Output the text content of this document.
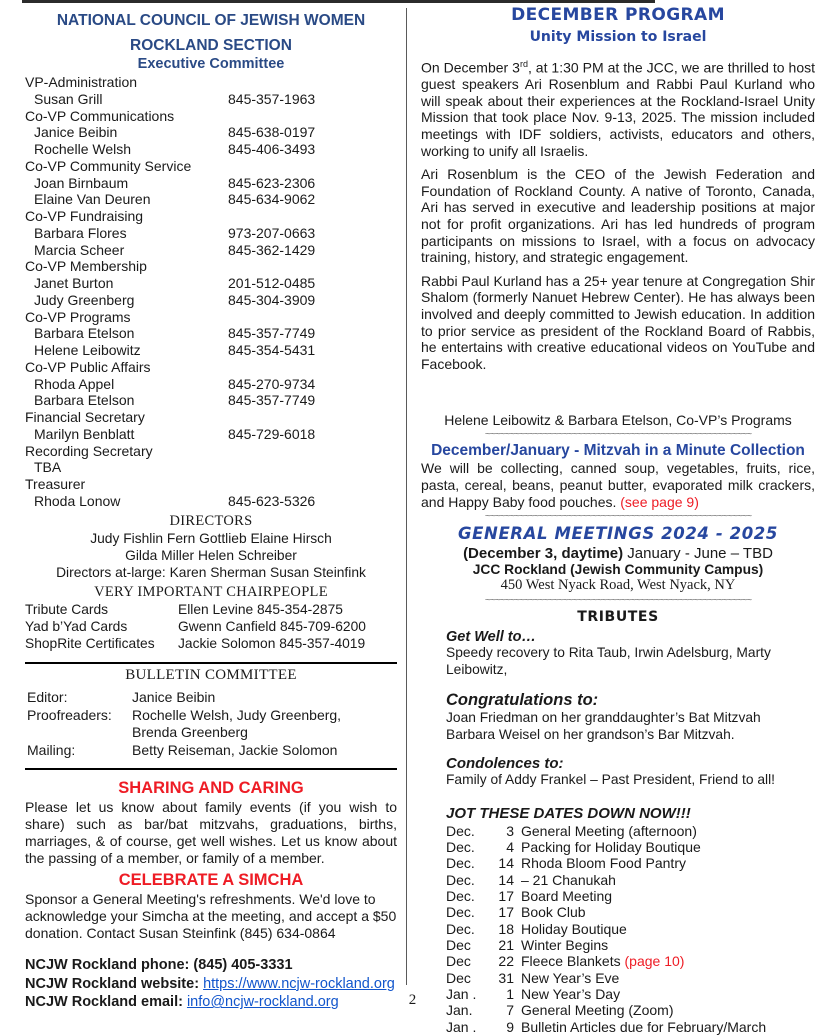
NATIONAL COUNCIL OF JEWISH WOMEN
ROCKLAND SECTION
Executive Committee
VP-Administration
Susan Grill	845-357-1963
Co-VP Communications
Janice Beibin	845-638-0197
Rochelle Welsh	845-406-3493
Co-VP Community Service
Joan Birnbaum	845-623-2306
Elaine Van Deuren	845-634-9062
Co-VP Fundraising
Barbara Flores	973-207-0663
Marcia Scheer	845-362-1429
Co-VP Membership
Janet Burton	201-512-0485
Judy Greenberg	845-304-3909
Co-VP Programs
Barbara Etelson	845-357-7749
Helene Leibowitz	845-354-5431
Co-VP Public Affairs
Rhoda Appel	845-270-9734
Barbara Etelson	845-357-7749
Financial Secretary
Marilyn Benblatt	845-729-6018
Recording Secretary
TBA
Treasurer
Rhoda Lonow	845-623-5326
DIRECTORS
Judy Fishlin Fern Gottlieb Elaine Hirsch
Gilda Miller Helen Schreiber
Directors at-large: Karen Sherman Susan Steinfink
VERY IMPORTANT CHAIRPEOPLE
Tribute Cards	Ellen Levine 845-354-2875
Yad b’Yad Cards	Gwenn Canfield 845-709-6200
ShopRite Certificates	Jackie Solomon 845-357-4019
BULLETIN COMMITTEE
Editor:	Janice Beibin
Proofreaders:	Rochelle Welsh, Judy Greenberg,
Brenda Greenberg
Mailing:	Betty Reiseman, Jackie Solomon
SHARING AND CARING

Please let us know about family events (if you wish to share) such as bar/bat mitzvahs, graduations, births, marriages, & of course, get well wishes. Let us know about the passing of a member, or family of a member.

CELEBRATE A SIMCHA

Sponsor a General Meeting's refreshments. We'd love to acknowledge your Simcha at the meeting, and accept a $50 donation. Contact Susan Steinfink (845) 634-0864

NCJW Rockland phone: (845) 405-3331
NCJW Rockland website: https://www.ncjw-rockland.org
NCJW Rockland email: info@ncjw-rockland.org
DECEMBER PROGRAM
Unity Mission to Israel

On December 3rd, at 1:30 PM at the JCC, we are thrilled to host guest speakers Ari Rosenblum and Rabbi Paul Kurland who will speak about their experiences at the Rockland-Israel Unity Mission that took place Nov. 9-13, 2025. The mission included meetings with IDF soldiers, activists, educators and others, working to unify all Israelis.

Ari Rosenblum is the CEO of the Jewish Federation and Foundation of Rockland County. A native of Toronto, Canada, Ari has served in executive and leadership positions at major not for profit organizations. Ari has led hundreds of program participants on missions to Israel, with a focus on advocacy training, history, and strategic engagement.

Rabbi Paul Kurland has a 25+ year tenure at Congregation Shir Shalom (formerly Nanuet Hebrew Center). He has always been involved and deeply committed to Jewish education. In addition to prior service as president of the Rockland Board of Rabbis, he entertains with creative educational videos on YouTube and Facebook.

Helene Leibowitz & Barbara Etelson, Co-VP’s Programs
~~~~~~~~~~~~~~~~~~~~~~~~~~~~~~~~~~~~~~~~~~~~~~~~~~~~~~~
December/January - Mitzvah in a Minute Collection

We will be collecting, canned soup, vegetables, fruits, rice, pasta, cereal, beans, peanut butter, evaporated milk crackers, and Happy Baby food pouches. (see page 9)

~~~~~~~~~~~~~~~~~~~~~~~~~~~~~~~~~~~~~~~~~~~~~~~~~~~~~~~
GENERAL MEETINGS 2024 - 2025
(December 3, daytime) January - June – TBD
JCC Rockland (Jewish Community Campus)
450 West Nyack Road, West Nyack, NY
~~~~~~~~~~~~~~~~~~~~~~~~~~~~~~~~~~~~~~~~~~~~~~~~~~~~~~~
TRIBUTES
Get Well to…
Speedy recovery to Rita Taub, Irwin Adelsburg, Marty Leibowitz,
Congratulations to:
Joan Friedman on her granddaughter’s Bat Mitzvah
Barbara Weisel on her grandson’s Bar Mitzvah.
Condolences to:
Family of Addy Frankel – Past President, Friend to all!
JOT THESE DATES DOWN NOW!!!
Dec.	3 General Meeting (afternoon)
Dec.	4 Packing for Holiday Boutique
Dec.	14 Rhoda Bloom Food Pantry
Dec.	14 – 21 Chanukah
Dec.	17 Board Meeting
Dec.	17 Book Club
Dec.	18 Holiday Boutique
Dec	21 Winter Begins
Dec	22 Fleece Blankets (page 10)
Dec	31 New Year’s Eve
Jan .	1 New Year’s Day
Jan.	7 General Meeting (Zoom)
Jan .	9 Bulletin Articles due for February/March
2
